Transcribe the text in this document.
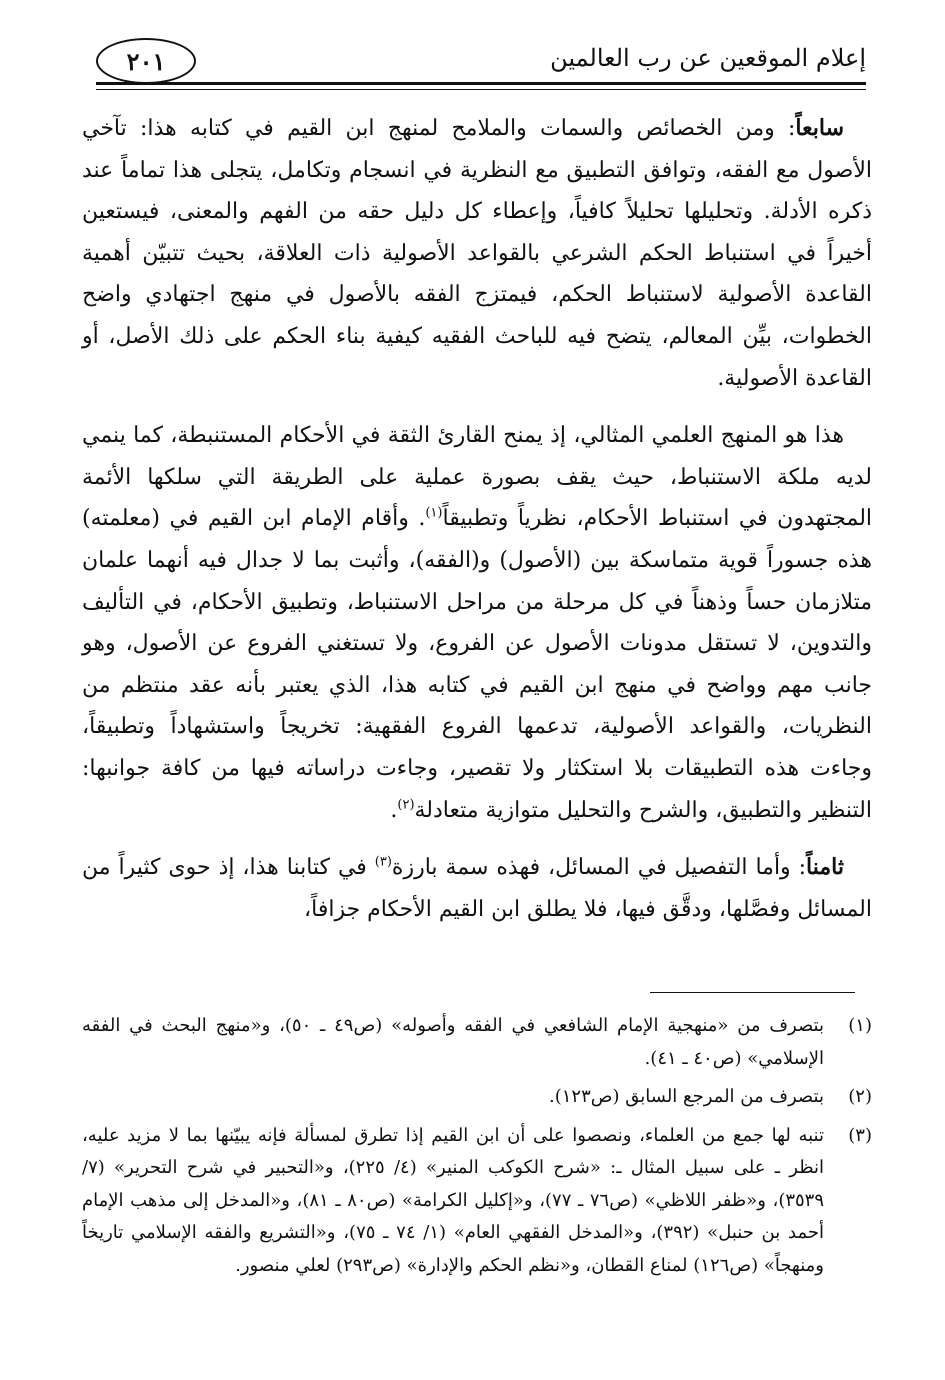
إعلام الموقعين عن رب العالمين
٢٠١

سابعاً: ومن الخصائص والسمات والملامح لمنهج ابن القيم في كتابه هذا: تآخي الأصول مع الفقه، وتوافق التطبيق مع النظرية في انسجام وتكامل، يتجلى هذا تماماً عند ذكره الأدلة. وتحليلها تحليلاً كافياً، وإعطاء كل دليل حقه من الفهم والمعنى، فيستعين أخيراً في استنباط الحكم الشرعي بالقواعد الأصولية ذات العلاقة، بحيث تتبيّن أهمية القاعدة الأصولية لاستنباط الحكم، فيمتزج الفقه بالأصول في منهج اجتهادي واضح الخطوات، بيِّن المعالم، يتضح فيه للباحث الفقيه كيفية بناء الحكم على ذلك الأصل، أو القاعدة الأصولية.

هذا هو المنهج العلمي المثالي، إذ يمنح القارئ الثقة في الأحكام المستنبطة، كما ينمي لديه ملكة الاستنباط، حيث يقف بصورة عملية على الطريقة التي سلكها الأئمة المجتهدون في استنباط الأحكام، نظرياً وتطبيقاً$^{(١)}$. وأقام الإمام ابن القيم في (معلمته) هذه جسوراً قوية متماسكة بين (الأصول) و(الفقه)، وأثبت بما لا جدال فيه أنهما علمان متلازمان حساً وذهناً في كل مرحلة من مراحل الاستنباط، وتطبيق الأحكام، في التأليف والتدوين، لا تستقل مدونات الأصول عن الفروع، ولا تستغني الفروع عن الأصول، وهو جانب مهم وواضح في منهج ابن القيم في كتابه هذا، الذي يعتبر بأنه عقد منتظم من النظريات، والقواعد الأصولية، تدعمها الفروع الفقهية: تخريجاً واستشهاداً وتطبيقاً، وجاءت هذه التطبيقات بلا استكثار ولا تقصير، وجاءت دراساته فيها من كافة جوانبها: التنظير والتطبيق، والشرح والتحليل متوازية متعادلة$^{(٢)}$.

ثامناً: وأما التفصيل في المسائل، فهذه سمة بارزة$^{(٣)}$ في كتابنا هذا، إذ حوى كثيراً من المسائل وفصَّلها، ودقَّق فيها، فلا يطلق ابن القيم الأحكام جزافاً،

(١)
بتصرف من «منهجية الإمام الشافعي في الفقه وأصوله» (ص٤٩ ـ ٥٠)، و«منهج البحث في الفقه الإسلامي» (ص٤٠ ـ ٤١).
(٢)
بتصرف من المرجع السابق (ص١٢٣).
(٣)
تنبه لها جمع من العلماء، ونصصوا على أن ابن القيم إذا تطرق لمسألة فإنه يبيّنها بما لا مزيد عليه، انظر ـ على سبيل المثال ـ: «شرح الكوكب المنير» (٤/ ٢٢٥)، و«التحبير في شرح التحرير» (٧/ ٣٥٣٩)، و«ظفر اللاظي» (ص٧٦ ـ ٧٧)، و«إكليل الكرامة» (ص٨٠ ـ ٨١)، و«المدخل إلى مذهب الإمام أحمد بن حنبل» (٣٩٢)، و«المدخل الفقهي العام» (١/ ٧٤ ـ ٧٥)، و«التشريع والفقه الإسلامي تاريخاً ومنهجاً» (ص١٢٦) لمناع القطان، و«نظم الحكم والإدارة» (ص٢٩٣) لعلي منصور.
